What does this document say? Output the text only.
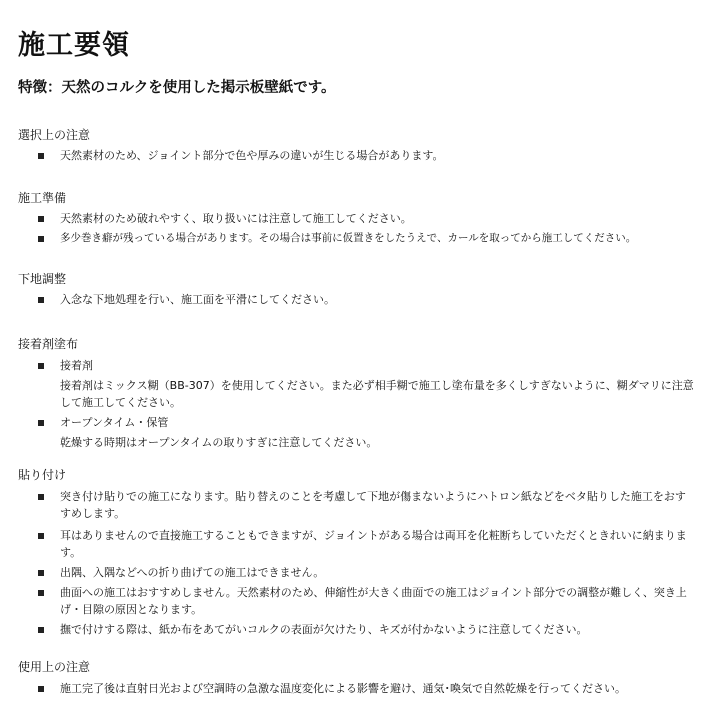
施工要領
特徴：天然のコルクを使用した掲示板壁紙です。
選択上の注意
天然素材のため、ジョイント部分で色や厚みの違いが生じる場合があります。
施工準備
天然素材のため破れやすく、取り扱いには注意して施工してください。
多少巻き癖が残っている場合があります。その場合は事前に仮置きをしたうえで、カールを取ってから施工してください。
下地調整
入念な下地処理を行い、施工面を平滑にしてください。
接着剤塗布
接着剤
接着剤はミックス糊（BB-307）を使用してください。また必ず相手糊で施工し塗布量を多くしすぎないように、糊ダマリに注意して施工してください。
オープンタイム・保管
乾燥する時期はオープンタイムの取りすぎに注意してください。
貼り付け
突き付け貼りでの施工になります。貼り替えのことを考慮して下地が傷まないようにハトロン紙などをベタ貼りした施工をおすすめします。
耳はありませんので直接施工することもできますが、ジョイントがある場合は両耳を化粧断ちしていただくときれいに納まります。
出隅、入隅などへの折り曲げての施工はできません。
曲面への施工はおすすめしません。天然素材のため、伸縮性が大きく曲面での施工はジョイント部分での調整が難しく、突き上げ・目隙の原因となります。
撫で付けする際は、紙か布をあてがいコルクの表面が欠けたり、キズが付かないように注意してください。
使用上の注意
施工完了後は直射日光および空調時の急激な温度変化による影響を避け、通気･喚気で自然乾燥を行ってください。
